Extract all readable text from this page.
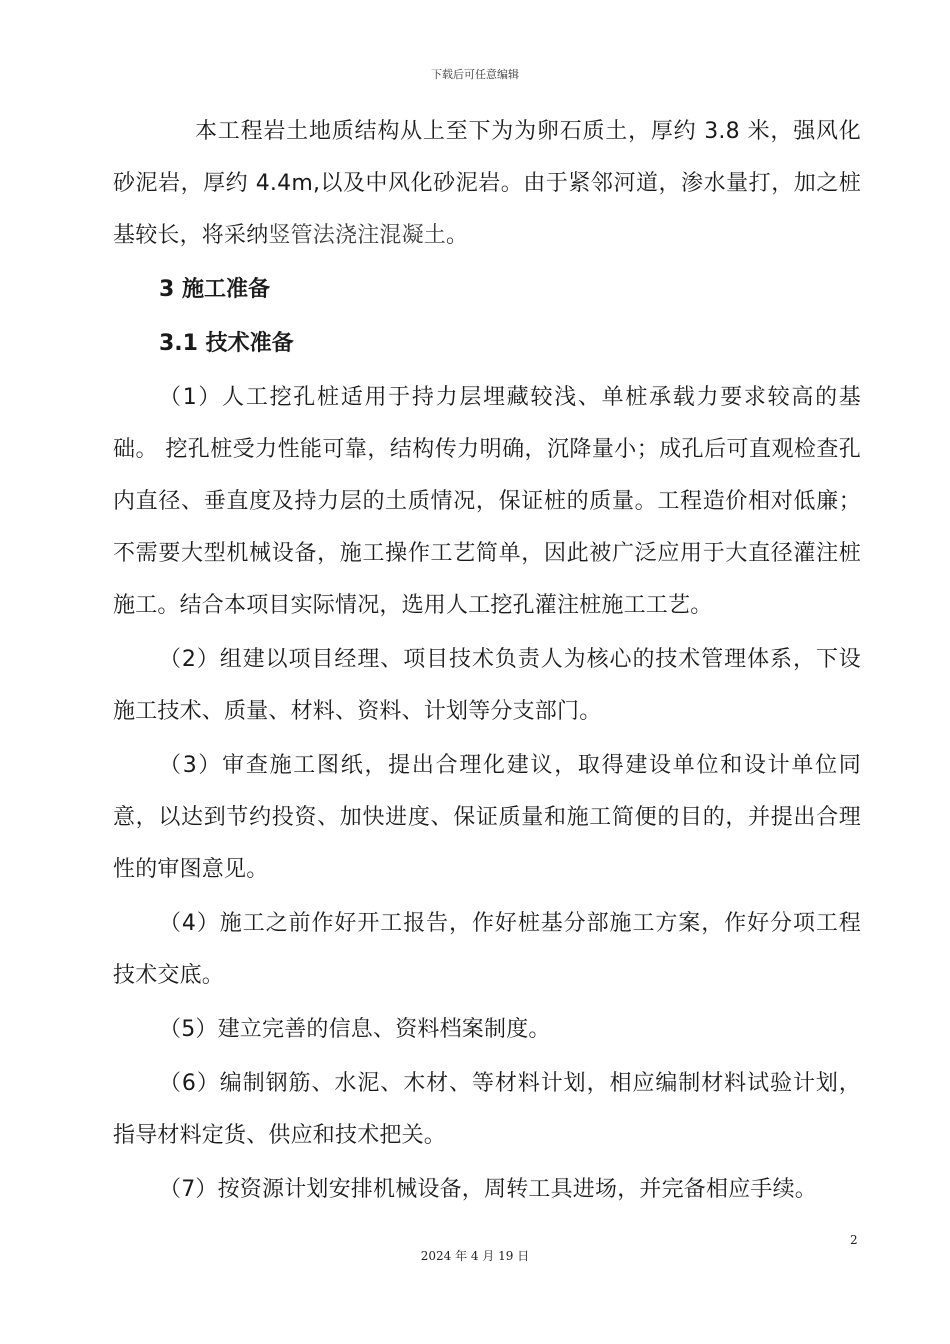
下载后可任意编辑

本工程岩土地质结构从上至下为为卵石质土，厚约 3.8 米，强风化砂泥岩，厚约 4.4m,以及中风化砂泥岩。由于紧邻河道，渗水量打，加之桩基较长，将采纳竖管法浇注混凝土。

3 施工准备
3.1 技术准备

（1）人工挖孔桩适用于持力层埋藏较浅、单桩承载力要求较高的基础。 挖孔桩受力性能可靠，结构传力明确，沉降量小；成孔后可直观检查孔内直径、垂直度及持力层的土质情况，保证桩的质量。工程造价相对低廉；不需要大型机械设备，施工操作工艺简单，因此被广泛应用于大直径灌注桩施工。结合本项目实际情况，选用人工挖孔灌注桩施工工艺。

（2）组建以项目经理、项目技术负责人为核心的技术管理体系，下设施工技术、质量、材料、资料、计划等分支部门。

（3）审查施工图纸，提出合理化建议，取得建设单位和设计单位同意，以达到节约投资、加快进度、保证质量和施工简便的目的，并提出合理性的审图意见。

（4）施工之前作好开工报告，作好桩基分部施工方案，作好分项工程技术交底。

（5）建立完善的信息、资料档案制度。

（6）编制钢筋、水泥、木材、等材料计划，相应编制材料试验计划，指导材料定货、供应和技术把关。

（7）按资源计划安排机械设备，周转工具进场，并完备相应手续。

2
2024 年 4 月 19 日
